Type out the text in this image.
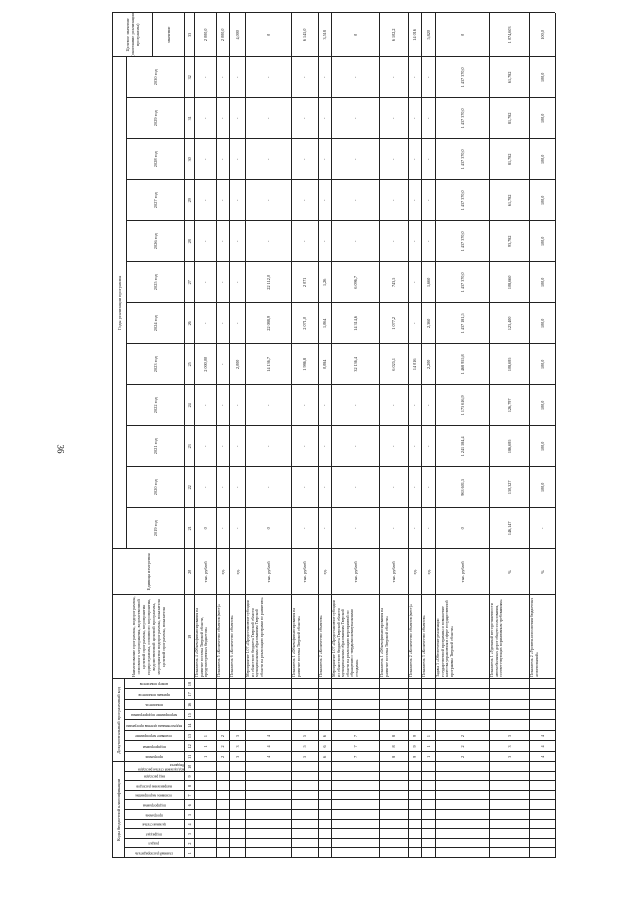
36
Коды бюджетной классификации
Документальный программный код
главный распорядитель
раздел
подраздел
целевая статья
программа
подпрограмма
основное мероприятие
направление расходов
вид расходов
код целевой статьи расходов бюджета
программа
подпрограмма
основное мероприятие
ведомственная целевая программа
мероприятие подпрограммы
показатель
признак показателя
номер показателя
Наименование программы, подпрограммы, основного мероприятия, ведомственной целевой программы, мероприятия подпрограммы, основного мероприятия, ведомственной целевой программы, мероприятия подпрограммы, показателя целевой программы, показателя
Единица измерения
Годы реализации программы
2019 год
2020 год
2021 год
2022 год
2023 год
2024 год
2025 год
2026 год
2027 год
2028 год
2029 год
2030 год
Целевое значение (окончание реализации программы)	значение
1
2
3
4
5
6
7
8
9
10
11
12
13
14
15
16
17
18
19
20
21
22
23
24
25
26
27
28
29
30
31
32
33
1
1
1
Показатель 4 «Объем финансирования на развитие поселка Тверской области, предусмотренных бюджетом»
тыс. рублей
0
-
-
-
2 000,00
-
-
-
-
-
-
-
2 000,0
2
2
2
Показатель 5 «Количество объектов (мест)»
ед.
-
-
-
-
-
-
-
-
-
-
-
-
2 000,0
3
3
3
Показатель 6 «Количество объектов»
ед.
-
-
-
-
2,000
-
-
-
-
-
-
-
4,000
4
4
4
Мероприятие 1.07 «Предоставление субсидии из областного бюджета Тверской области муниципальным образованиям Тверской области на реализацию программ по развитию»
тыс. рублей
0
-
-
-
14 136,7
22 088,9
22 112,0
-
-
-
-
-
0
5
5
5
Показатель 1 «Объем финансирования на развитие поселка Тверской области»
тыс. рублей
-
-
-
-
1 986,8
2 071,0
2 071
-
-
-
-
-
6 145,0
6
6
6
Показатель 2 «Количество объектов»
ед.
-
-
-
-
0,084
1,064
1,26
-
-
-
-
-
3,518
7
7
7
Мероприятие 1.07 «Предоставление субсидии из областного бюджета Тверской области муниципальным образованиям Тверской области на реализацию мероприятий по обращению с твердыми коммунальными отходами»
тыс. рублей
-
-
-
-
32 136,4
14 314,6
6 096,7
-
-
-
-
-
0
8
8
8
Показатель 1 «Объем финансирования на развитие поселка Тверской области»
тыс. рублей
-
-
-
-
6 025,1
1 077,2
743,5
-
-
-
-
-
6 102,2
9
9
9
Показатель 2 «Количество объектов (мест)»
ед.
-
-
-
-
14 016
-
-
-
-
-
-
-
14 016
1
1
1
Показатель 3 «Количество объектов»
ед.
-
-
-
-
2,200
2,360
1,660
-
-
-
-
-
5,820
2
2
2
Задача 3 «Обеспечение реализации государственной программы и повышение качества управления в сфере государственной программы Тверской области»
тыс. рублей
0
963 601,5
1 241 584,4
1 173 616,9
1 468 955,8
1 437 181,5
1 437 370,0
1 437 370,0
1 437 370,0
1 437 370,0
1 437 370,0
1 437 370,0
0
3
3
3
Показатель 1 «Удельный вес протяженности автомобильных дорог общего пользования, соответствующих нормативным требованиям»
%
146,147
130,327
186,695
126,797
108,695
123,400
108,660
93,782
61,782
81,782
81,782
61,782
1 074,603
4
4
4
Показатель 2 «Уровень исполнения бюджетных ассигнований»
%
-
100,0
100,0
100,0
100,0
100,0
100,0
100,0
100,0
100,0
100,0
100,0
100,0
